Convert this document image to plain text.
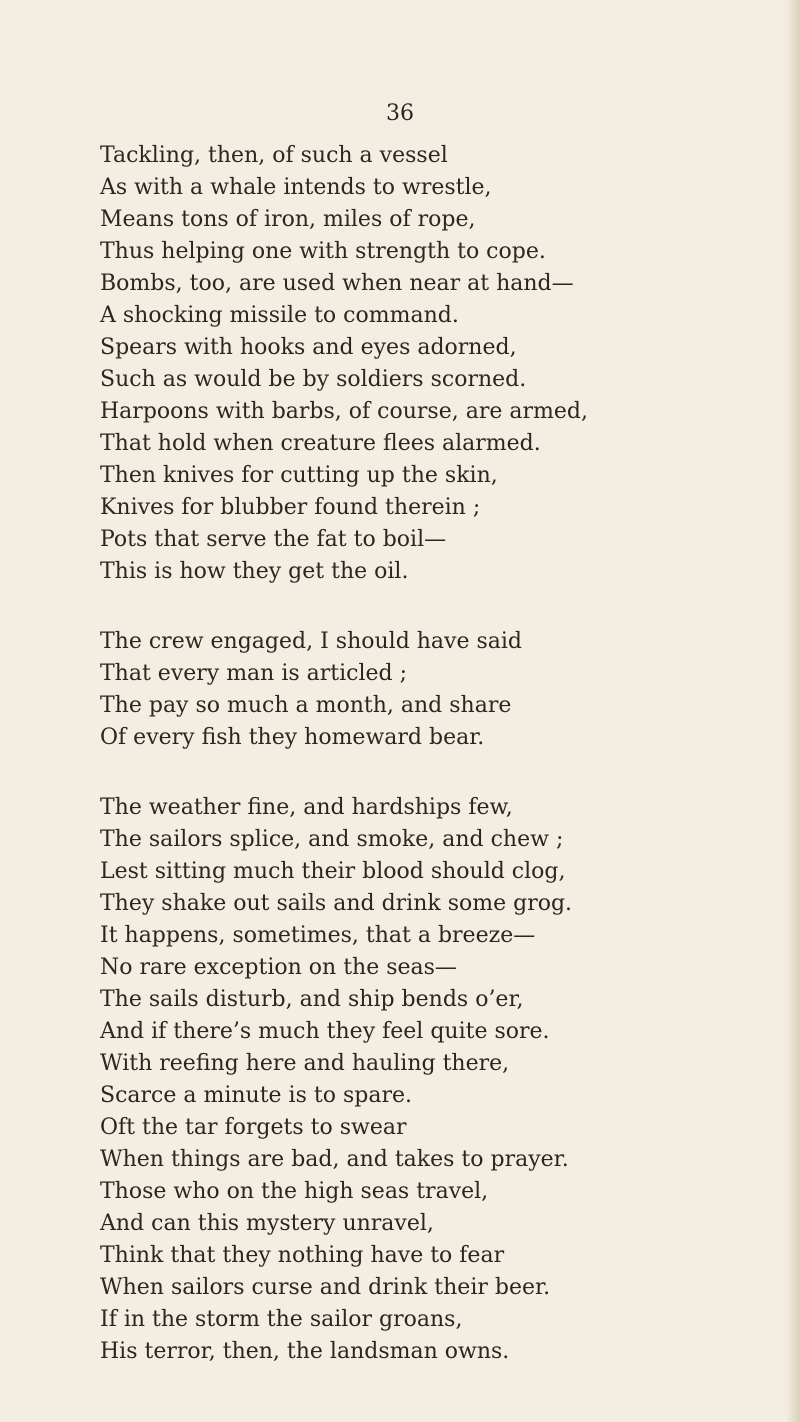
36
Tackling, then, of such a vessel
As with a whale intends to wrestle,
Means tons of iron, miles of rope,
Thus helping one with strength to cope.
Bombs, too, are used when near at hand—
A shocking missile to command.
Spears with hooks and eyes adorned,
Such as would be by soldiers scorned.
Harpoons with barbs, of course, are armed,
That hold when creature flees alarmed.
Then knives for cutting up the skin,
Knives for blubber found therein ;
Pots that serve the fat to boil—
This is how they get the oil.
The crew engaged, I should have said
That every man is articled ;
The pay so much a month, and share
Of every fish they homeward bear.
The weather fine, and hardships few,
The sailors splice, and smoke, and chew ;
Lest sitting much their blood should clog,
They shake out sails and drink some grog.
It happens, sometimes, that a breeze—
No rare exception on the seas—
The sails disturb, and ship bends o’er,
And if there’s much they feel quite sore.
With reefing here and hauling there,
Scarce a minute is to spare.
Oft the tar forgets to swear
When things are bad, and takes to prayer.
Those who on the high seas travel,
And can this mystery unravel,
Think that they nothing have to fear
When sailors curse and drink their beer.
If in the storm the sailor groans,
His terror, then, the landsman owns.
